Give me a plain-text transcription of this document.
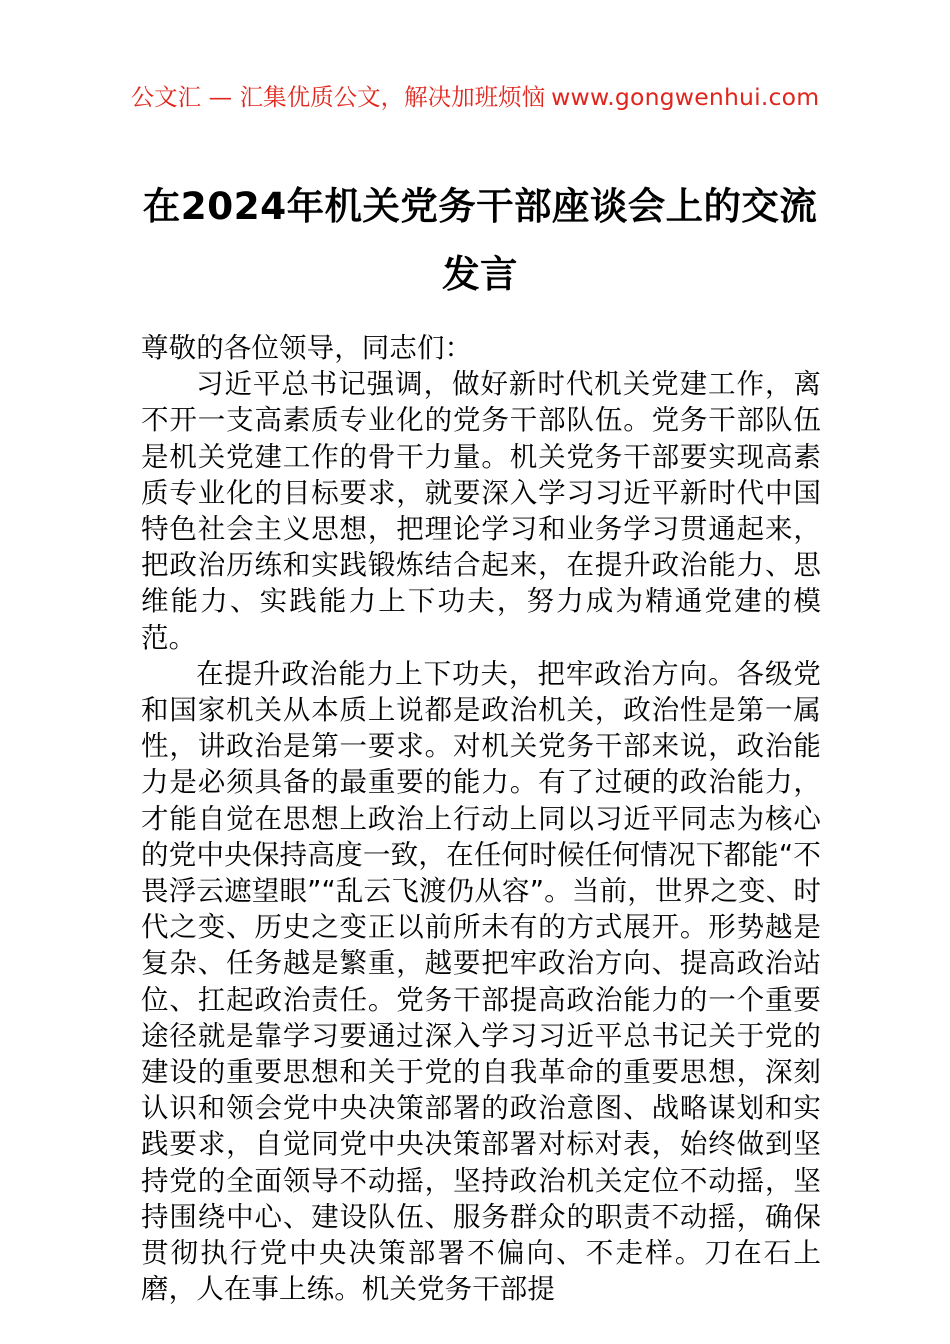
公文汇 — 汇集优质公文，解决加班烦恼 www.gongwenhui.com
在2024年机关党务干部座谈会上的交流发言

尊敬的各位领导，同志们：

习近平总书记强调，做好新时代机关党建工作，离不开一支高素质专业化的党务干部队伍。党务干部队伍是机关党建工作的骨干力量。机关党务干部要实现高素质专业化的目标要求，就要深入学习习近平新时代中国特色社会主义思想，把理论学习和业务学习贯通起来，把政治历练和实践锻炼结合起来，在提升政治能力、思维能力、实践能力上下功夫，努力成为精通党建的模范。

在提升政治能力上下功夫，把牢政治方向。各级党和国家机关从本质上说都是政治机关，政治性是第一属性，讲政治是第一要求。对机关党务干部来说，政治能力是必须具备的最重要的能力。有了过硬的政治能力，才能自觉在思想上政治上行动上同以习近平同志为核心的党中央保持高度一致，在任何时候任何情况下都能“不畏浮云遮望眼”“乱云飞渡仍从容”。当前，世界之变、时代之变、历史之变正以前所未有的方式展开。形势越是复杂、任务越是繁重，越要把牢政治方向、提高政治站位、扛起政治责任。党务干部提高政治能力的一个重要途径就是靠学习要通过深入学习习近平总书记关于党的建设的重要思想和关于党的自我革命的重要思想，深刻认识和领会党中央决策部署的政治意图、战略谋划和实践要求，自觉同党中央决策部署对标对表，始终做到坚持党的全面领导不动摇，坚持政治机关定位不动摇，坚持围绕中心、建设队伍、服务群众的职责不动摇，确保贯彻执行党中央决策部署不偏向、不走样。刀在石上磨，人在事上练。机关党务干部提
